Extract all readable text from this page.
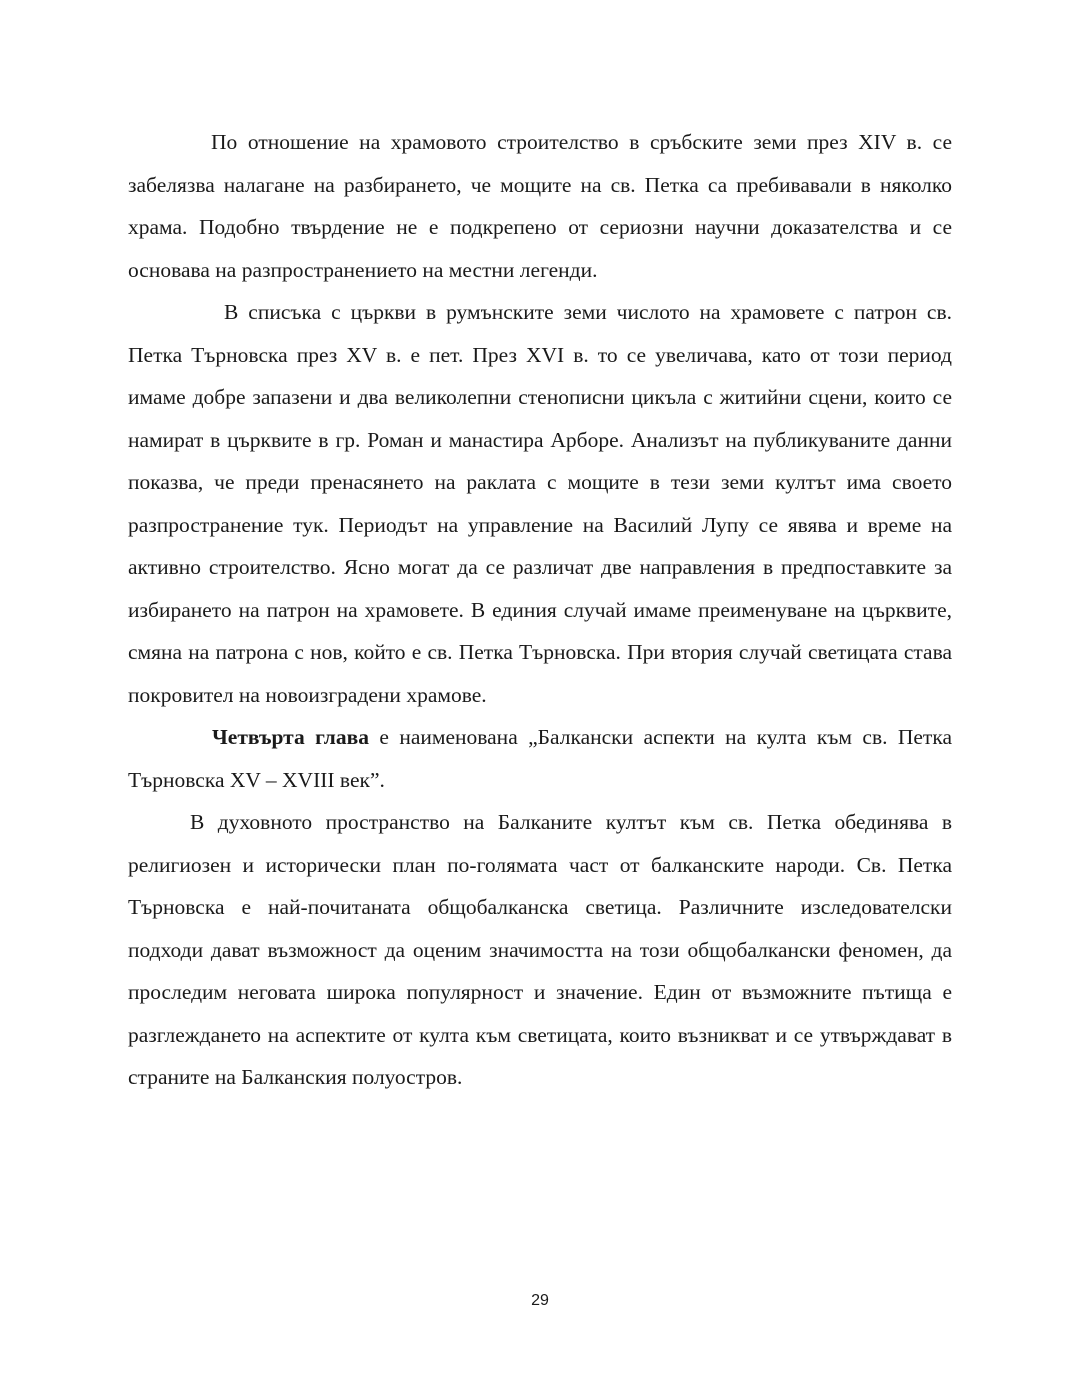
По отношение на храмовото строителство в сръбските земи през XIV в. се забелязва налагане на разбирането, че мощите на св. Петка са пребивавали в няколко храма. Подобно твърдение не е подкрепено от сериозни научни доказателства и се основава на разпространението на местни легенди.

В списъка с църкви в румънските земи числото на храмовете с патрон св. Петка Търновска през XV в. е пет. През XVI в. то се увеличава, като от този период имаме добре запазени и два великолепни стенописни цикъла с житийни сцени, които се намират в църквите в гр. Роман и манастира Арборе. Анализът на публикуваните данни показва, че преди пренасянето на раклата с мощите в тези земи култът има своето разпространение тук. Периодът на управление на Василий Лупу се явява и време на активно строителство. Ясно могат да се различат две направления в предпоставките за избирането на патрон на храмовете. В единия случай имаме преименуване на църквите, смяна на патрона с нов, който е св. Петка Търновска. При втория случай светицата става покровител на новоизградени храмове.

Четвърта глава е наименована „Балкански аспекти на култа към св. Петка Търновска XV – XVIII век”.

В духовното пространство на Балканите култът към св. Петка обединява в религиозен и исторически план по-голямата част от балканските народи. Св. Петка Търновска е най-почитаната общобалканска светица. Различните изследователски подходи дават възможност да оценим значимостта на този общобалкански феномен, да проследим неговата широка популярност и значение. Един от възможните пътища е разглеждането на аспектите от култа към светицата, които възникват и се утвърждават в страните на Балканския полуостров.

29
